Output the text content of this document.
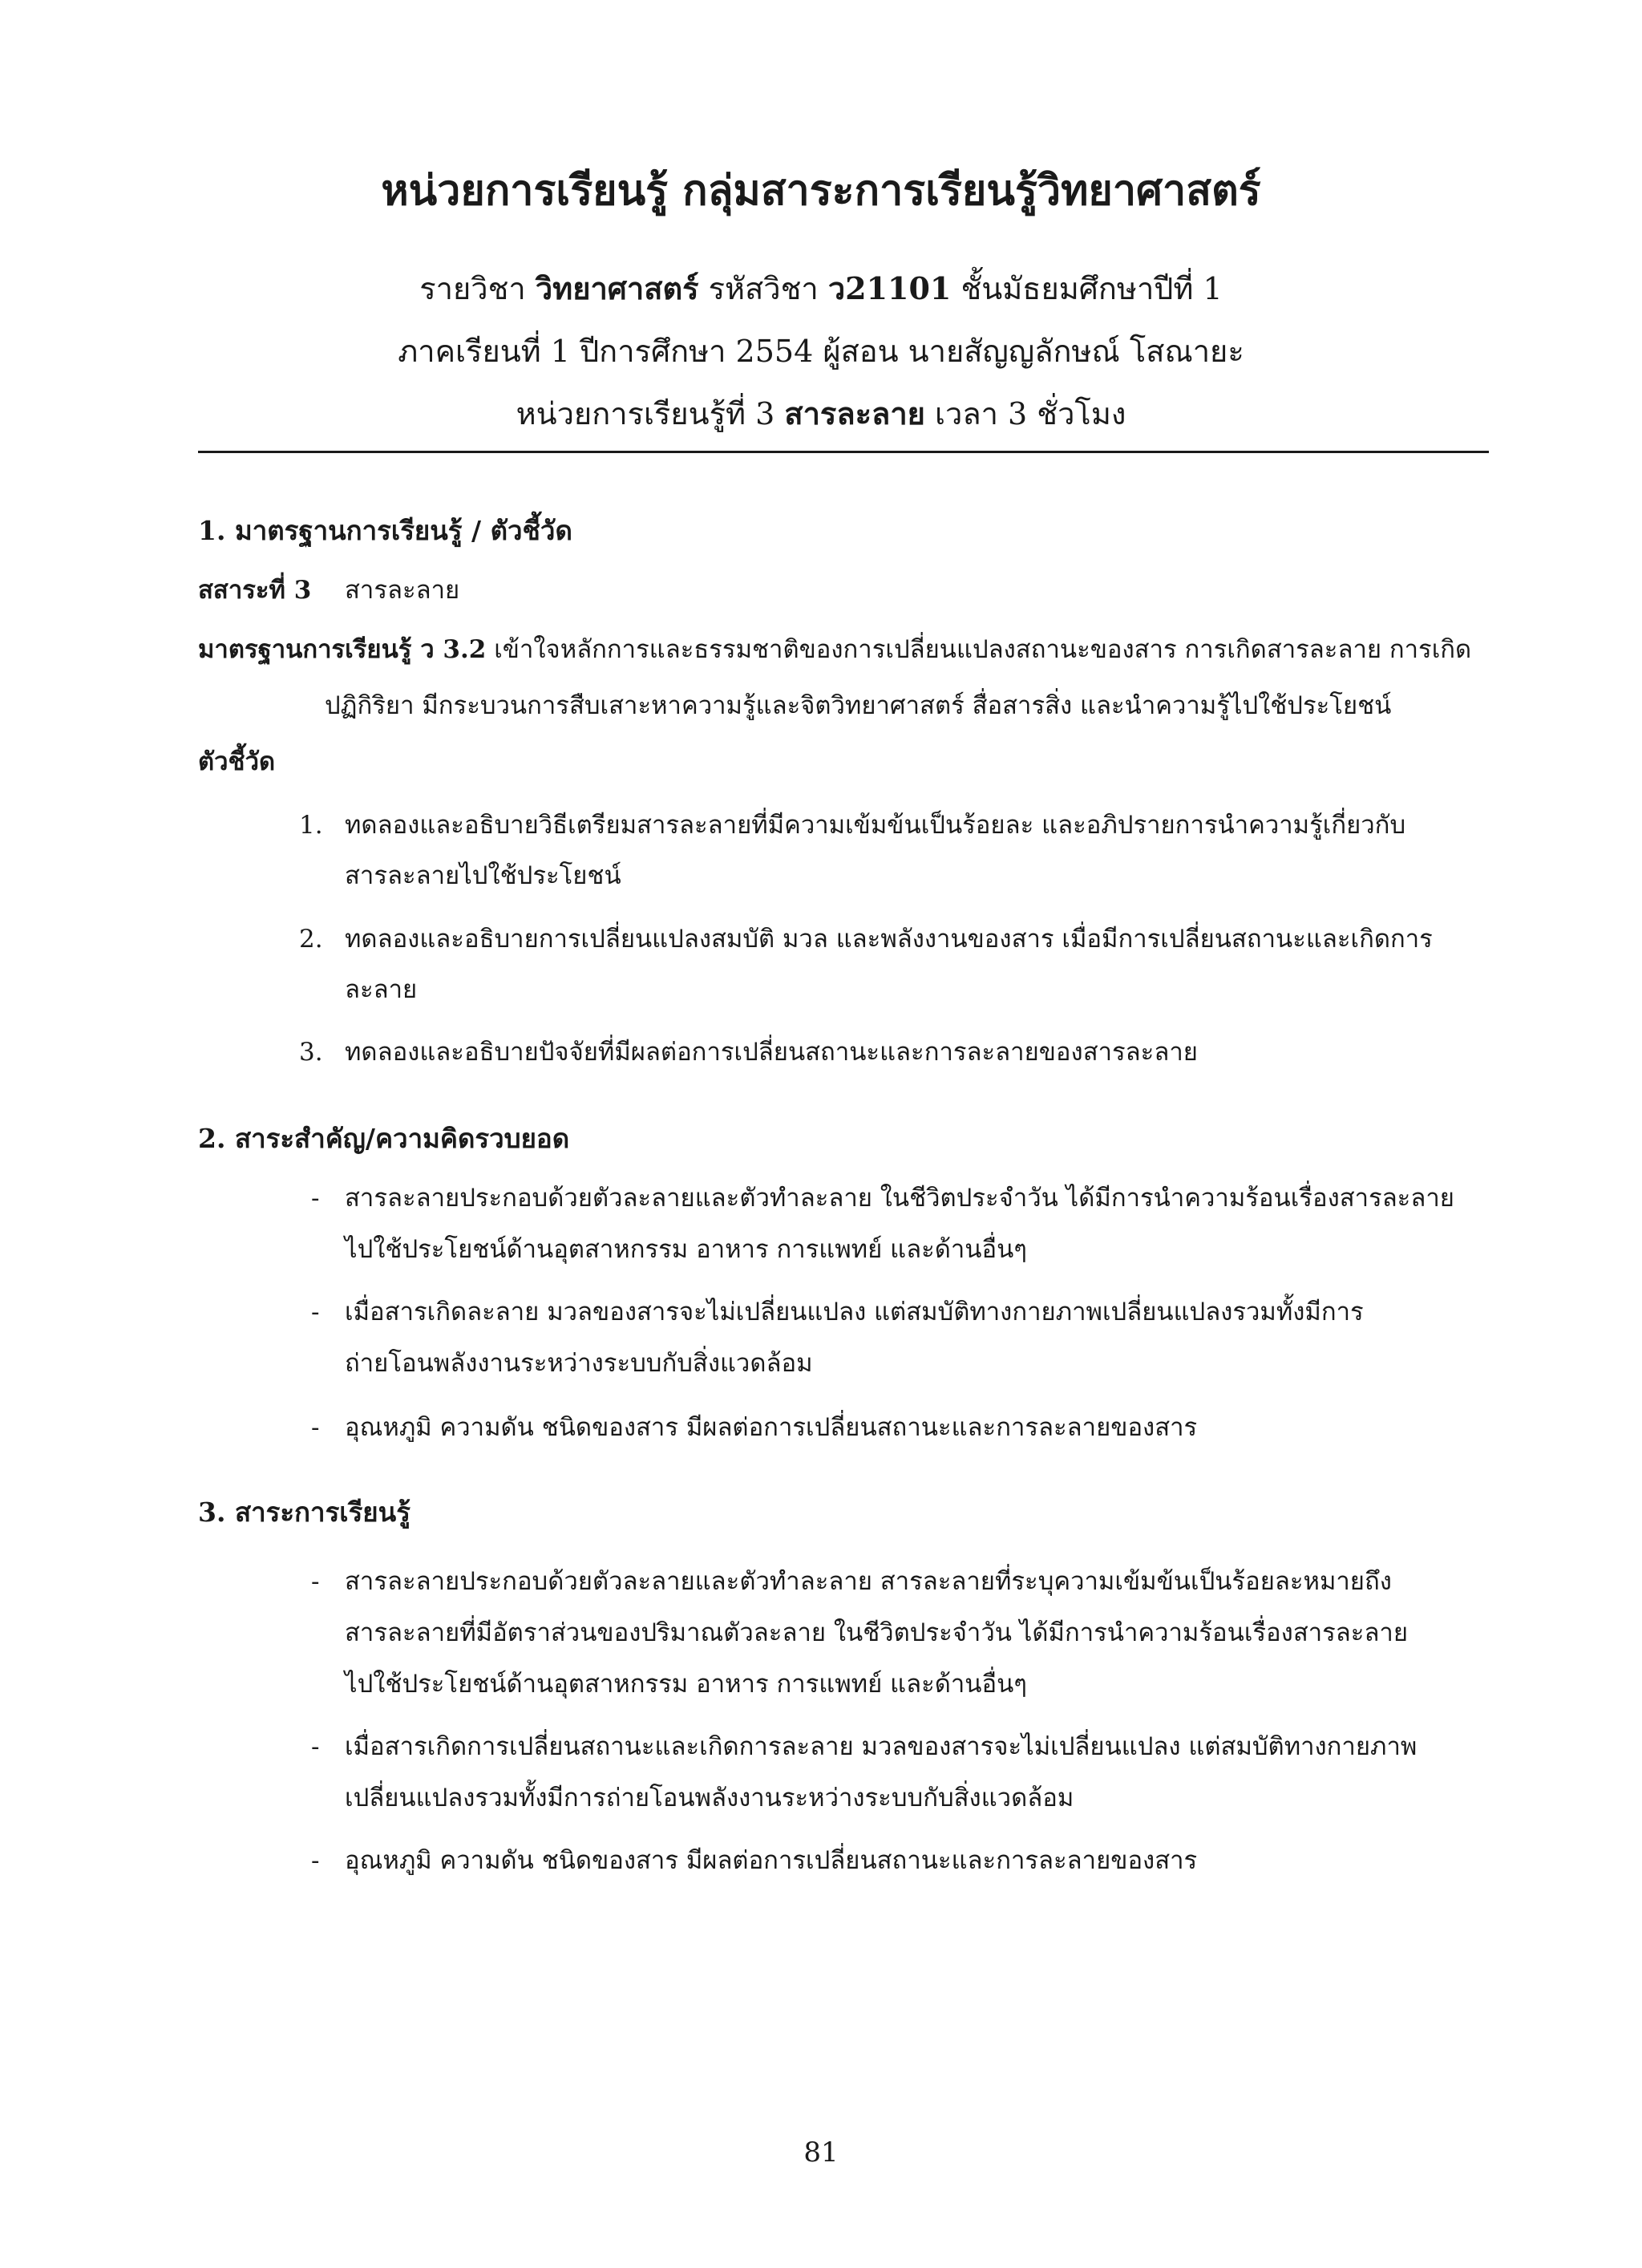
หน่วยการเรียนรู้ กลุ่มสาระการเรียนรู้วิทยาศาสตร์
รายวิชา วิทยาศาสตร์ รหัสวิชา ว21101 ชั้นมัธยมศึกษาปีที่ 1
ภาคเรียนที่ 1 ปีการศึกษา 2554 ผู้สอน นายสัญญลักษณ์ โสณายะ
หน่วยการเรียนรู้ที่ 3 สารละลาย เวลา 3 ชั่วโมง
1. มาตรฐานการเรียนรู้ / ตัวชี้วัด
สสาระที่ 3 สารละลาย
มาตรฐานการเรียนรู้ ว 3.2 เข้าใจหลักการและธรรมชาติของการเปลี่ยนแปลงสถานะของสาร การเกิดสารละลาย การเกิด
ปฏิกิริยา มีกระบวนการสืบเสาะหาความรู้และจิตวิทยาศาสตร์ สื่อสารสิ่ง และนำความรู้ไปใช้ประโยชน์
ตัวชี้วัด
1. ทดลองและอธิบายวิธีเตรียมสารละลายที่มีความเข้มข้นเป็นร้อยละ และอภิปรายการนำความรู้เกี่ยวกับ
สารละลายไปใช้ประโยชน์
2. ทดลองและอธิบายการเปลี่ยนแปลงสมบัติ มวล และพลังงานของสาร เมื่อมีการเปลี่ยนสถานะและเกิดการ
ละลาย
3. ทดลองและอธิบายปัจจัยที่มีผลต่อการเปลี่ยนสถานะและการละลายของสารละลาย
2. สาระสำคัญ/ความคิดรวบยอด
- สารละลายประกอบด้วยตัวละลายและตัวทำละลาย ในชีวิตประจำวัน ได้มีการนำความร้อนเรื่องสารละลาย
ไปใช้ประโยชน์ด้านอุตสาหกรรม อาหาร การแพทย์ และด้านอื่นๆ
- เมื่อสารเกิดละลาย มวลของสารจะไม่เปลี่ยนแปลง แต่สมบัติทางกายภาพเปลี่ยนแปลงรวมทั้งมีการ
ถ่ายโอนพลังงานระหว่างระบบกับสิ่งแวดล้อม
- อุณหภูมิ ความดัน ชนิดของสาร มีผลต่อการเปลี่ยนสถานะและการละลายของสาร
3. สาระการเรียนรู้
- สารละลายประกอบด้วยตัวละลายและตัวทำละลาย สารละลายที่ระบุความเข้มข้นเป็นร้อยละหมายถึง
สารละลายที่มีอัตราส่วนของปริมาณตัวละลาย ในชีวิตประจำวัน ได้มีการนำความร้อนเรื่องสารละลาย
ไปใช้ประโยชน์ด้านอุตสาหกรรม อาหาร การแพทย์ และด้านอื่นๆ
- เมื่อสารเกิดการเปลี่ยนสถานะและเกิดการละลาย มวลของสารจะไม่เปลี่ยนแปลง แต่สมบัติทางกายภาพ
เปลี่ยนแปลงรวมทั้งมีการถ่ายโอนพลังงานระหว่างระบบกับสิ่งแวดล้อม
- อุณหภูมิ ความดัน ชนิดของสาร มีผลต่อการเปลี่ยนสถานะและการละลายของสาร
81
